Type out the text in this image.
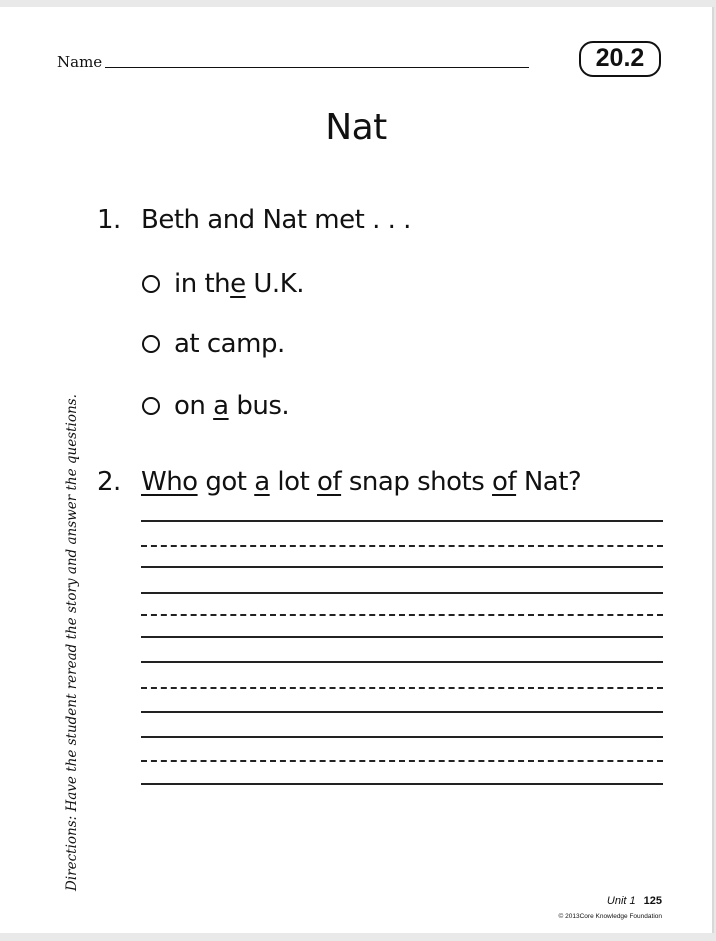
Name	20.2
Nat
1. Beth and Nat met . . .
in the U.K.
at camp.
on a bus.
2. Who got a lot of snap shots of Nat?
Directions: Have the student reread the story and answer the questions.
Unit 1 125
© 2013Core Knowledge Foundation
